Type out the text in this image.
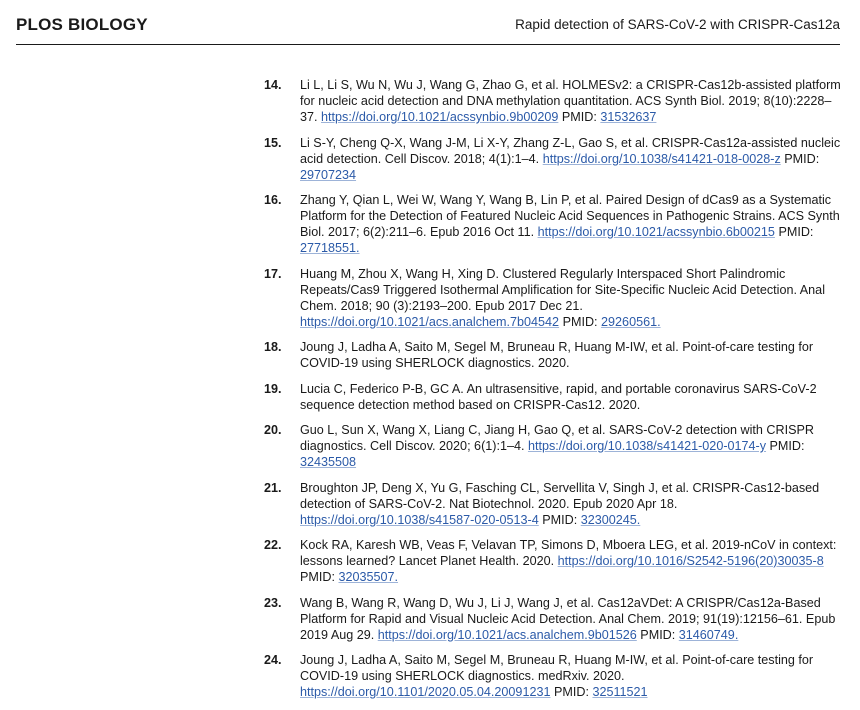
PLOS BIOLOGY	Rapid detection of SARS-CoV-2 with CRISPR-Cas12a
14. Li L, Li S, Wu N, Wu J, Wang G, Zhao G, et al. HOLMESv2: a CRISPR-Cas12b-assisted platform for nucleic acid detection and DNA methylation quantitation. ACS Synth Biol. 2019; 8(10):2228–37. https://doi.org/10.1021/acssynbio.9b00209 PMID: 31532637
15. Li S-Y, Cheng Q-X, Wang J-M, Li X-Y, Zhang Z-L, Gao S, et al. CRISPR-Cas12a-assisted nucleic acid detection. Cell Discov. 2018; 4(1):1–4. https://doi.org/10.1038/s41421-018-0028-z PMID: 29707234
16. Zhang Y, Qian L, Wei W, Wang Y, Wang B, Lin P, et al. Paired Design of dCas9 as a Systematic Platform for the Detection of Featured Nucleic Acid Sequences in Pathogenic Strains. ACS Synth Biol. 2017; 6(2):211–6. Epub 2016 Oct 11. https://doi.org/10.1021/acssynbio.6b00215 PMID: 27718551.
17. Huang M, Zhou X, Wang H, Xing D. Clustered Regularly Interspaced Short Palindromic Repeats/Cas9 Triggered Isothermal Amplification for Site-Specific Nucleic Acid Detection. Anal Chem. 2018; 90 (3):2193–200. Epub 2017 Dec 21. https://doi.org/10.1021/acs.analchem.7b04542 PMID: 29260561.
18. Joung J, Ladha A, Saito M, Segel M, Bruneau R, Huang M-IW, et al. Point-of-care testing for COVID-19 using SHERLOCK diagnostics. 2020.
19. Lucia C, Federico P-B, GC A. An ultrasensitive, rapid, and portable coronavirus SARS-CoV-2 sequence detection method based on CRISPR-Cas12. 2020.
20. Guo L, Sun X, Wang X, Liang C, Jiang H, Gao Q, et al. SARS-CoV-2 detection with CRISPR diagnostics. Cell Discov. 2020; 6(1):1–4. https://doi.org/10.1038/s41421-020-0174-y PMID: 32435508
21. Broughton JP, Deng X, Yu G, Fasching CL, Servellita V, Singh J, et al. CRISPR-Cas12-based detection of SARS-CoV-2. Nat Biotechnol. 2020. Epub 2020 Apr 18. https://doi.org/10.1038/s41587-020-0513-4 PMID: 32300245.
22. Kock RA, Karesh WB, Veas F, Velavan TP, Simons D, Mboera LEG, et al. 2019-nCoV in context: lessons learned? Lancet Planet Health. 2020. https://doi.org/10.1016/S2542-5196(20)30035-8 PMID: 32035507.
23. Wang B, Wang R, Wang D, Wu J, Li J, Wang J, et al. Cas12aVDet: A CRISPR/Cas12a-Based Platform for Rapid and Visual Nucleic Acid Detection. Anal Chem. 2019; 91(19):12156–61. Epub 2019 Aug 29. https://doi.org/10.1021/acs.analchem.9b01526 PMID: 31460749.
24. Joung J, Ladha A, Saito M, Segel M, Bruneau R, Huang M-IW, et al. Point-of-care testing for COVID-19 using SHERLOCK diagnostics. medRxiv. 2020. https://doi.org/10.1101/2020.05.04.20091231 PMID: 32511521
